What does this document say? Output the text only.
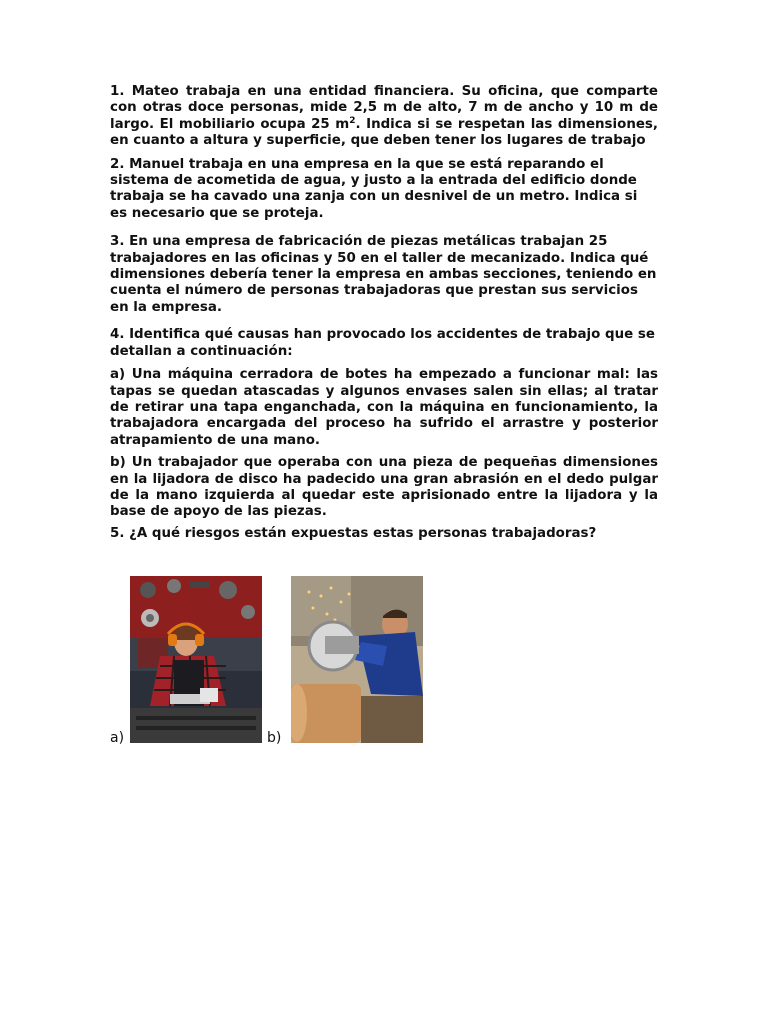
1. Mateo trabaja en una entidad financiera. Su oficina, que comparte con otras doce personas, mide 2,5 m de alto, 7 m de ancho y 10 m de largo. El mobiliario ocupa 25 $m^2$. Indica si se respetan las dimensiones, en cuanto a altura y superficie, que deben tener los lugares de trabajo

2. Manuel trabaja en una empresa en la que se está reparando el sistema de acometida de agua, y justo a la entrada del edificio donde trabaja se ha cavado una zanja con un desnivel de un metro. Indica si es necesario que se proteja.

3. En una empresa de fabricación de piezas metálicas trabajan 25 trabajadores en las oficinas y 50 en el taller de mecanizado. Indica qué dimensiones debería tener la empresa en ambas secciones, teniendo en cuenta el número de personas trabajadoras que prestan sus servicios en la empresa.

4. Identifica qué causas han provocado los accidentes de trabajo que se detallan a continuación:

a) Una máquina cerradora de botes ha empezado a funcionar mal: las tapas se quedan atascadas y algunos envases salen sin ellas; al tratar de retirar una tapa enganchada, con la máquina en funcionamiento, la trabajadora encargada del proceso ha sufrido el arrastre y posterior atrapamiento de una mano.

b) Un trabajador que operaba con una pieza de pequeñas dimensiones en la lijadora de disco ha padecido una gran abrasión en el dedo pulgar de la mano izquierda al quedar este aprisionado entre la lijadora y la base de apoyo de las piezas.

5. ¿A qué riesgos están expuestas estas personas trabajadoras?

a)	b)
